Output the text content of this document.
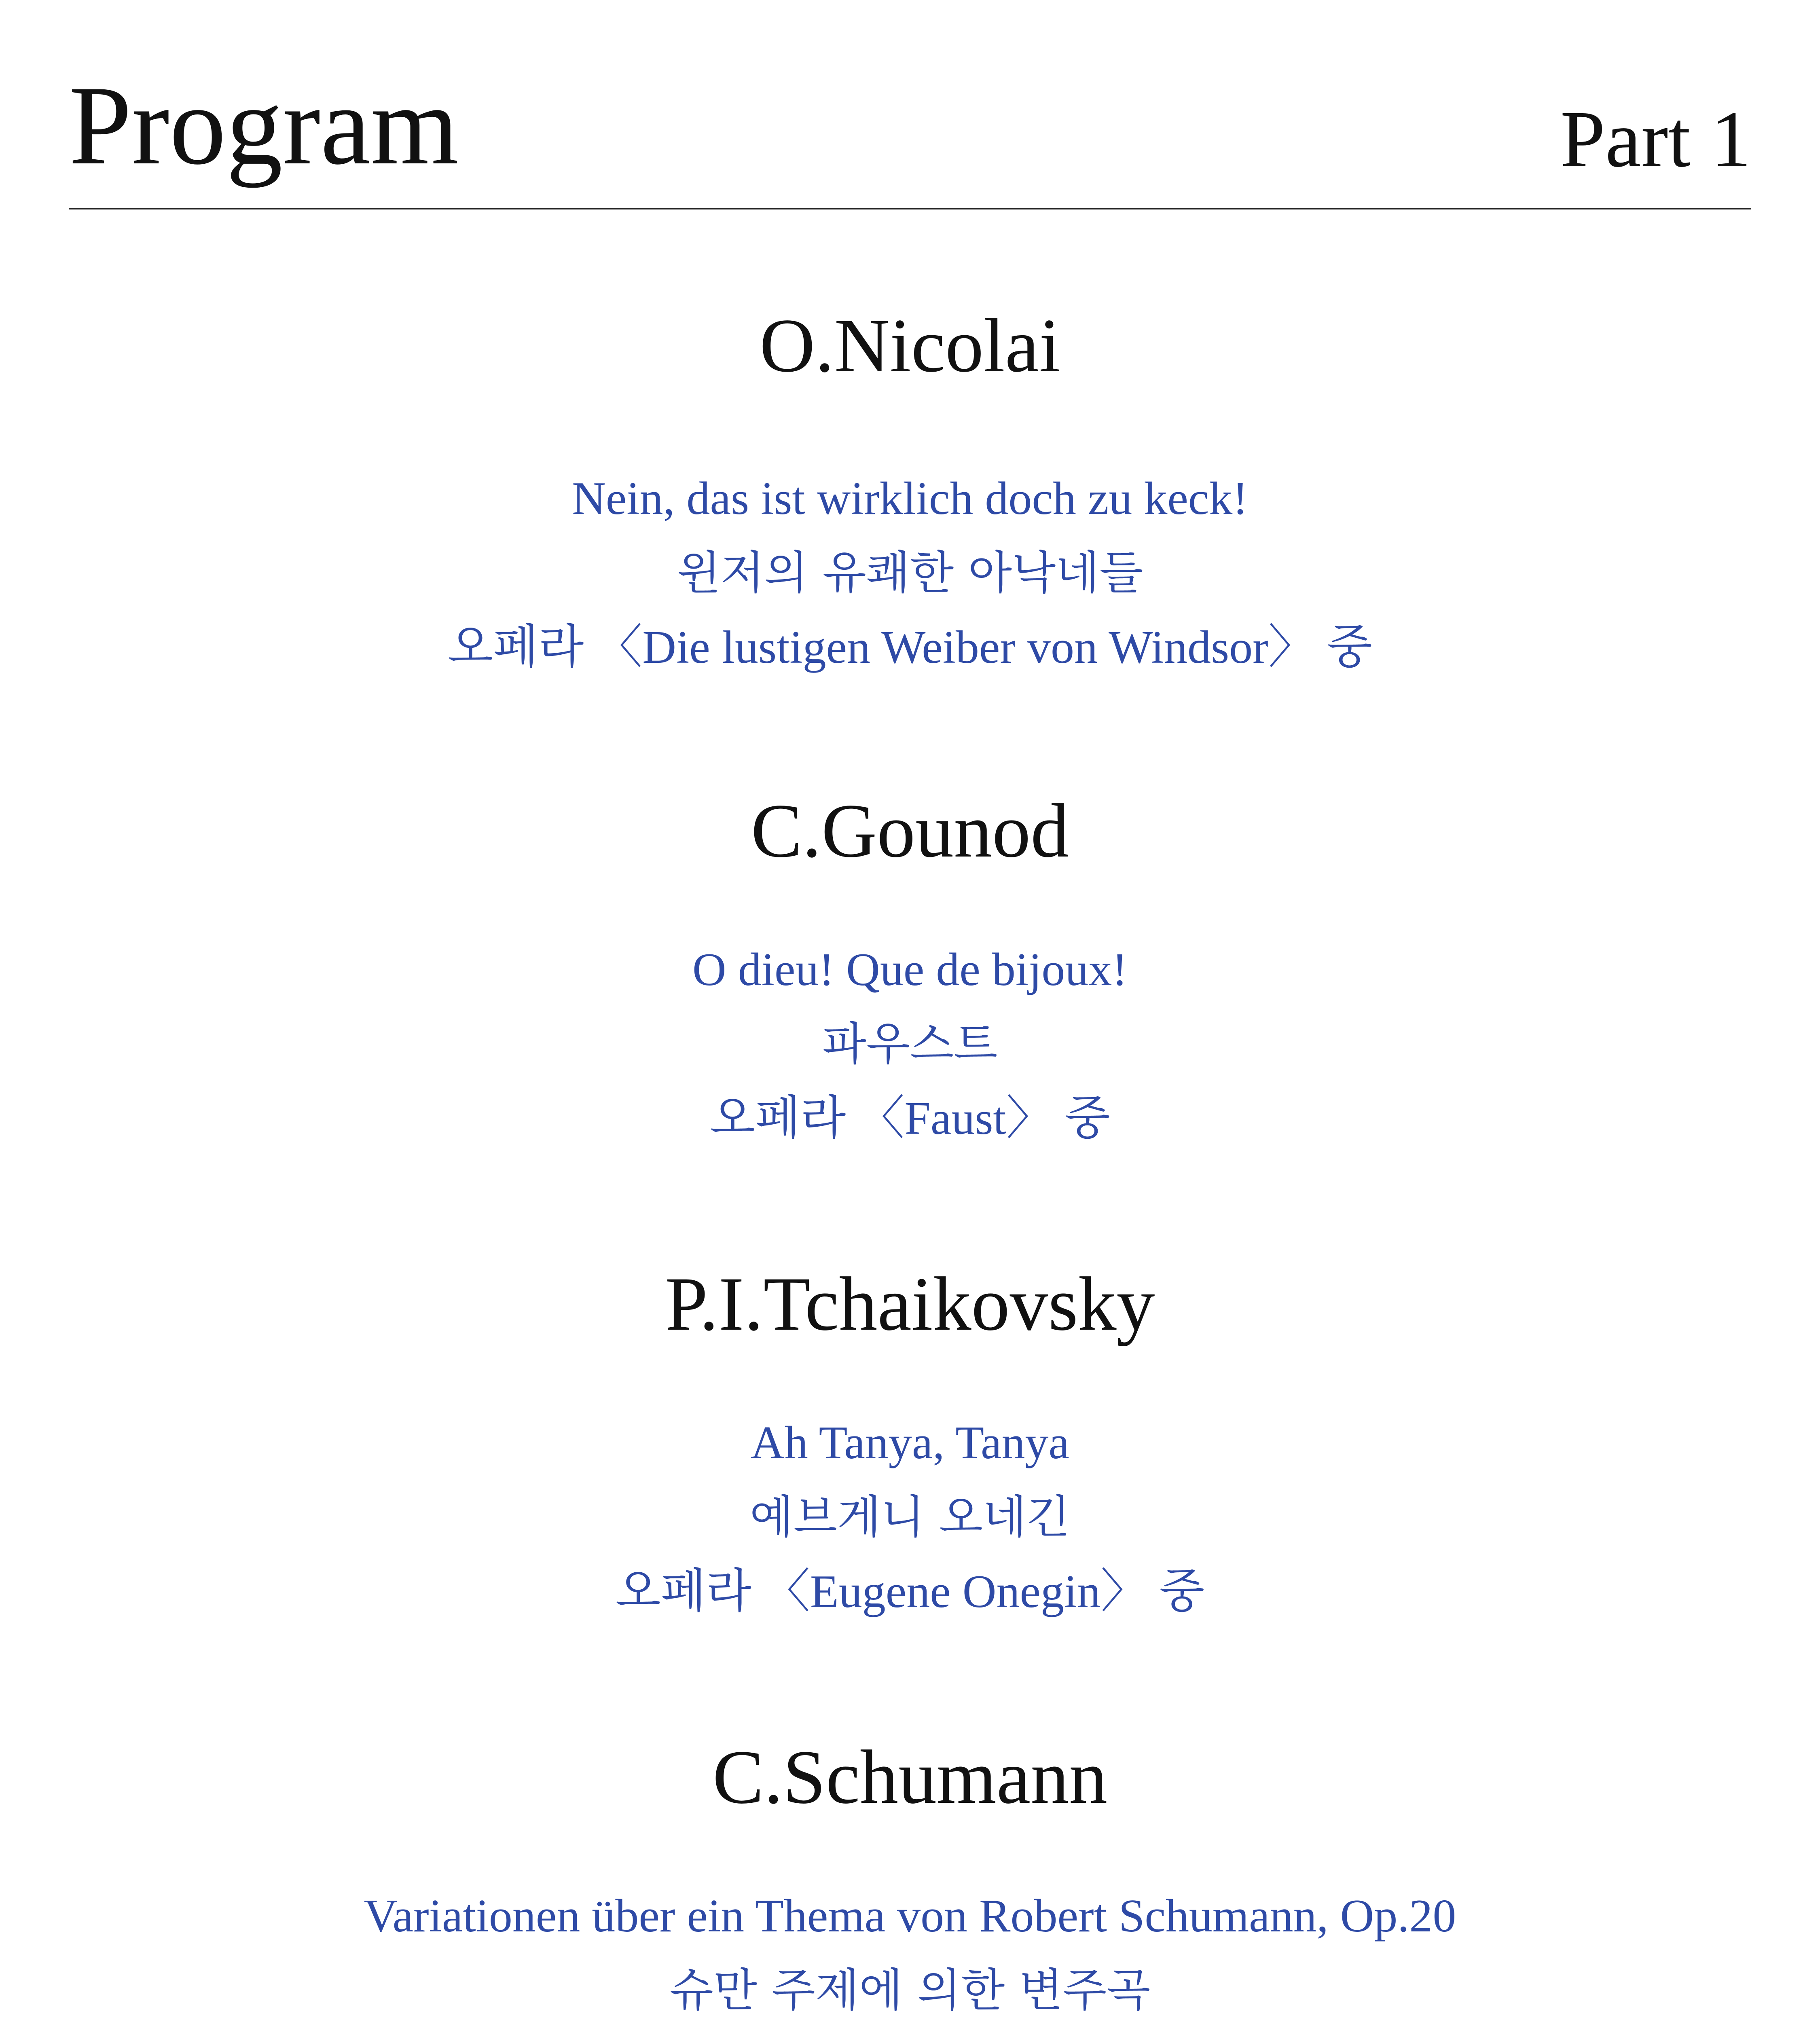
Program	Part 1
O.Nicolai

Nein, das ist wirklich doch zu keck!

윈저의 유쾌한 아낙네들

오페라 〈Die lustigen Weiber von Windsor〉 중

C.Gounod

O dieu! Que de bijoux!

파우스트

오페라 〈Faust〉 중

P.I.Tchaikovsky

Ah Tanya, Tanya

예브게니 오네긴

오페라 〈Eugene Onegin〉 중

C.Schumann

Variationen über ein Thema von Robert Schumann, Op.20

슈만 주제에 의한 변주곡
